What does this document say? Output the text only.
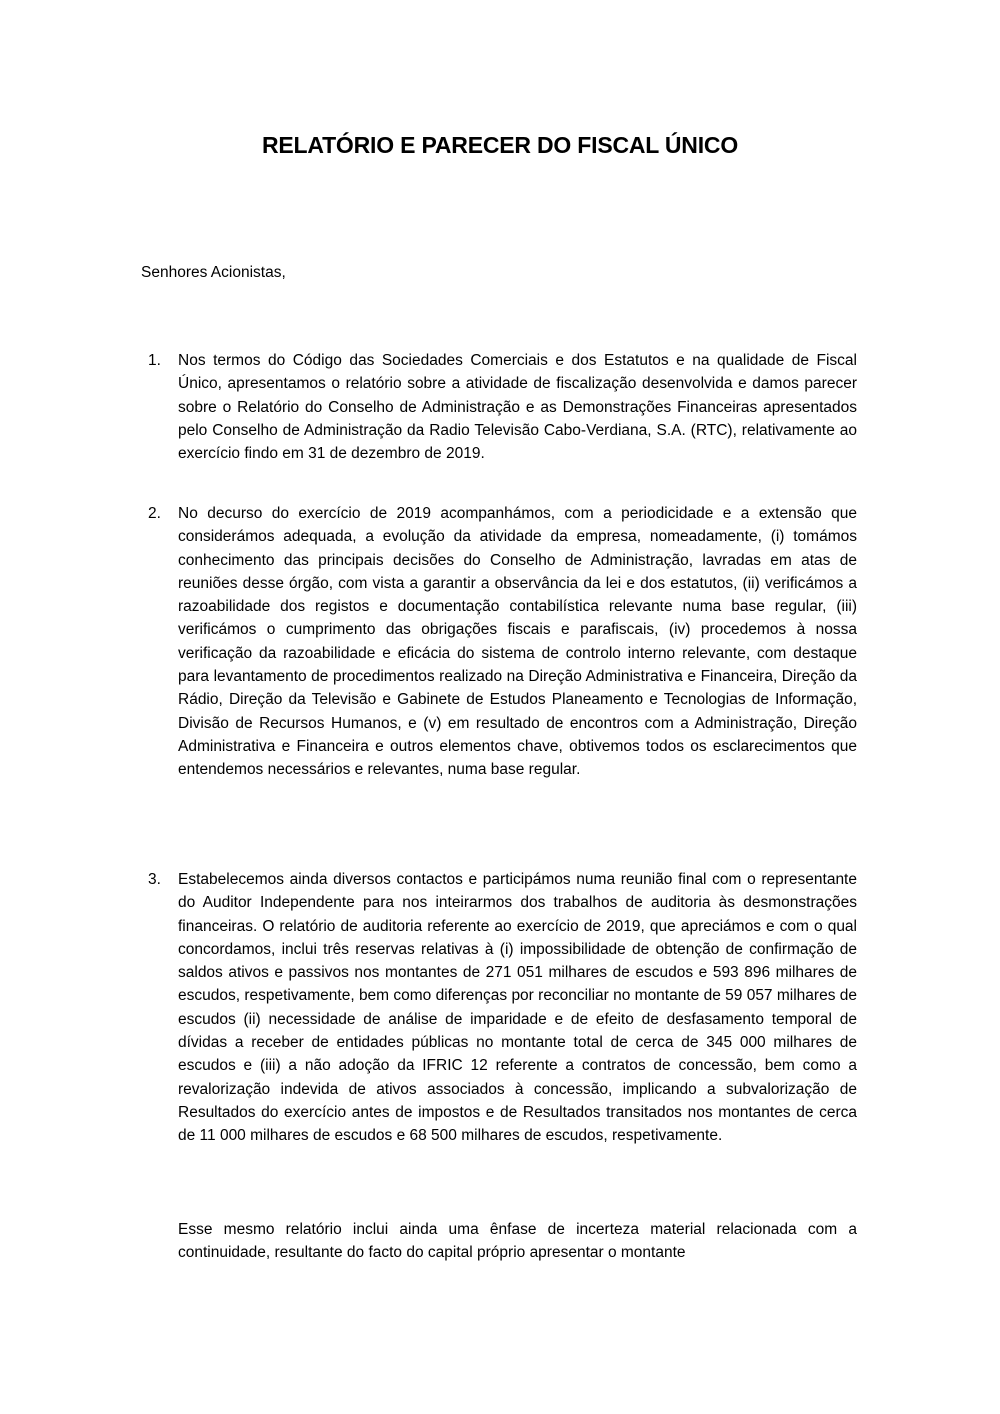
RELATÓRIO E PARECER DO FISCAL ÚNICO

Senhores Acionistas,

1. Nos termos do Código das Sociedades Comerciais e dos Estatutos e na qualidade de Fiscal Único, apresentamos o relatório sobre a atividade de fiscalização desenvolvida e damos parecer sobre o Relatório do Conselho de Administração e as Demonstrações Financeiras apresentados pelo Conselho de Administração da Radio Televisão Cabo-Verdiana, S.A. (RTC), relativamente ao exercício findo em 31 de dezembro de 2019.

2. No decurso do exercício de 2019 acompanhámos, com a periodicidade e a extensão que considerámos adequada, a evolução da atividade da empresa, nomeadamente, (i) tomámos conhecimento das principais decisões do Conselho de Administração, lavradas em atas de reuniões desse órgão, com vista a garantir a observância da lei e dos estatutos, (ii) verificámos a razoabilidade dos registos e documentação contabilística relevante numa base regular, (iii) verificámos o cumprimento das obrigações fiscais e parafiscais, (iv) procedemos à nossa verificação da razoabilidade e eficácia do sistema de controlo interno relevante, com destaque para levantamento de procedimentos realizado na Direção Administrativa e Financeira, Direção da Rádio, Direção da Televisão e Gabinete de Estudos Planeamento e Tecnologias de Informação, Divisão de Recursos Humanos, e (v) em resultado de encontros com a Administração, Direção Administrativa e Financeira e outros elementos chave, obtivemos todos os esclarecimentos que entendemos necessários e relevantes, numa base regular.

3. Estabelecemos ainda diversos contactos e participámos numa reunião final com o representante do Auditor Independente para nos inteirarmos dos trabalhos de auditoria às desmonstrações financeiras. O relatório de auditoria referente ao exercício de 2019, que apreciámos e com o qual concordamos, inclui três reservas relativas à (i) impossibilidade de obtenção de confirmação de saldos ativos e passivos nos montantes de 271 051 milhares de escudos e 593 896 milhares de escudos, respetivamente, bem como diferenças por reconciliar no montante de 59 057 milhares de escudos (ii) necessidade de análise de imparidade e de efeito de desfasamento temporal de dívidas a receber de entidades públicas no montante total de cerca de 345 000 milhares de escudos e (iii) a não adoção da IFRIC 12 referente a contratos de concessão, bem como a revalorização indevida de ativos associados à concessão, implicando a subvalorização de Resultados do exercício antes de impostos e de Resultados transitados nos montantes de cerca de 11 000 milhares de escudos e 68 500 milhares de escudos, respetivamente.

Esse mesmo relatório inclui ainda uma ênfase de incerteza material relacionada com a continuidade, resultante do facto do capital próprio apresentar o montante
